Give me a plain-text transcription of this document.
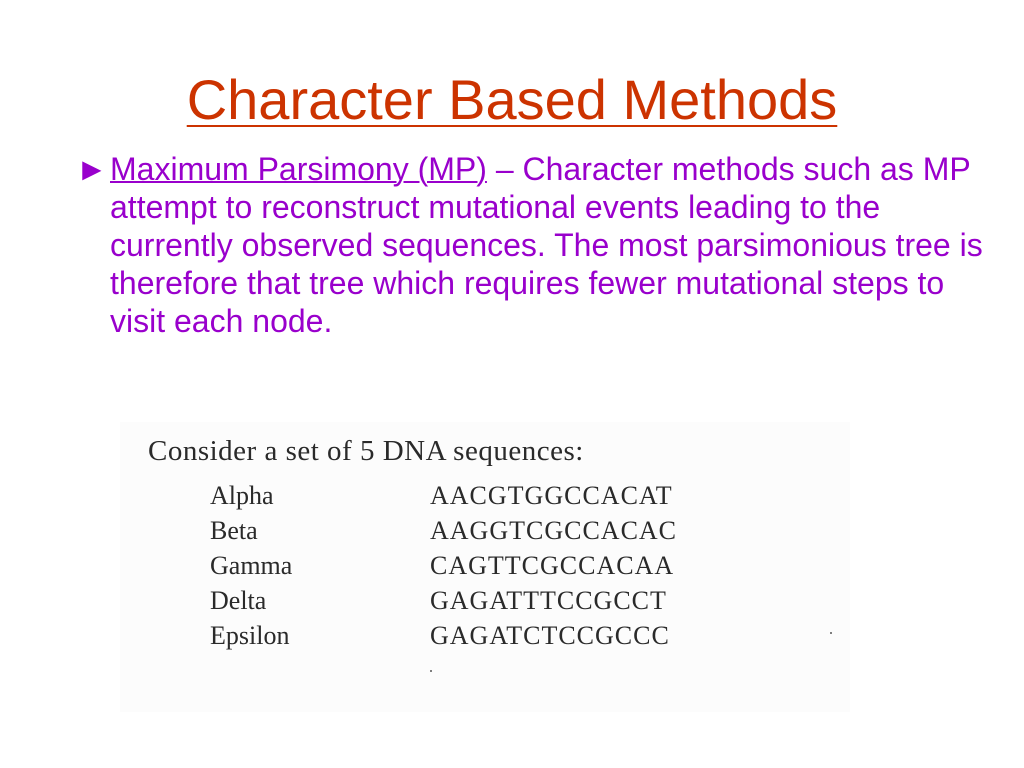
Character Based Methods
► Maximum Parsimony (MP) – Character methods such as MP attempt to reconstruct mutational events leading to the currently observed sequences. The most parsimonious tree is therefore that tree which requires fewer mutational steps to visit each node.
Consider a set of 5 DNA sequences:
Alpha	AACGTGGCCACAT
Beta	AAGGTCGCCACAC
Gamma	CAGTTCGCCACAA
Delta	GAGATTTCCGCCT
Epsilon	GAGATCTCCGCCC
